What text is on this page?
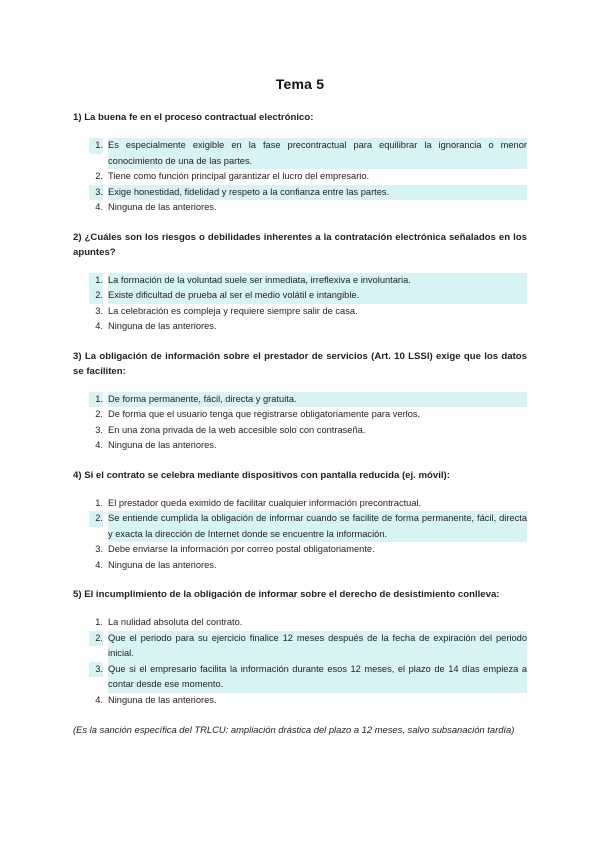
Tema 5

1) La buena fe en el proceso contractual electrónico:

1. Es especialmente exigible en la fase precontractual para equilibrar la ignorancia o menor conocimiento de una de las partes.
2. Tiene como función principal garantizar el lucro del empresario.
3. Exige honestidad, fidelidad y respeto a la confianza entre las partes.
4. Ninguna de las anteriores.

2) ¿Cuáles son los riesgos o debilidades inherentes a la contratación electrónica señalados en los apuntes?

1. La formación de la voluntad suele ser inmediata, irreflexiva e involuntaria.
2. Existe dificultad de prueba al ser el medio volátil e intangible.
3. La celebración es compleja y requiere siempre salir de casa.
4. Ninguna de las anteriores.

3) La obligación de información sobre el prestador de servicios (Art. 10 LSSI) exige que los datos se faciliten:

1. De forma permanente, fácil, directa y gratuita.
2. De forma que el usuario tenga que registrarse obligatoriamente para verlos.
3. En una zona privada de la web accesible solo con contraseña.
4. Ninguna de las anteriores.

4) Si el contrato se celebra mediante dispositivos con pantalla reducida (ej. móvil):

1. El prestador queda eximido de facilitar cualquier información precontractual.
2. Se entiende cumplida la obligación de informar cuando se facilite de forma permanente, fácil, directa y exacta la dirección de Internet donde se encuentre la información.
3. Debe enviarse la información por correo postal obligatoriamente.
4. Ninguna de las anteriores.

5) El incumplimiento de la obligación de informar sobre el derecho de desistimiento conlleva:

1. La nulidad absoluta del contrato.
2. Que el periodo para su ejercicio finalice 12 meses después de la fecha de expiración del periodo inicial.
3. Que si el empresario facilita la información durante esos 12 meses, el plazo de 14 días empieza a contar desde ese momento.
4. Ninguna de las anteriores.

(Es la sanción específica del TRLCU: ampliación drástica del plazo a 12 meses, salvo subsanación tardía)
